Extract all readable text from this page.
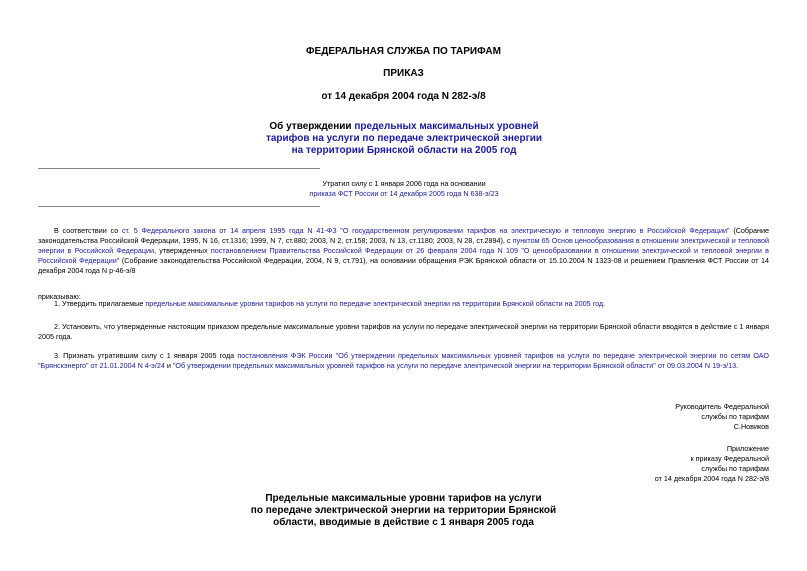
ФЕДЕРАЛЬНАЯ СЛУЖБА ПО ТАРИФАМ
ПРИКАЗ
от 14 декабря 2004 года N 282-э/8
Об утверждении предельных максимальных уровней тарифов на услуги по передаче электрической энергии на территории Брянской области на 2005 год
Утратил силу с 1 января 2006 года на основании
приказа ФСТ России от 14 декабря 2005 года N 638-э/23
В соответствии со ст. 5 Федерального закона от 14 апреля 1995 года N 41-ФЗ "О государственном регулировании тарифов на электрическую и тепловую энергию в Российской Федерации" (Собрание законодательства Российской Федерации, 1995, N 16, ст.1316; 1999, N 7, ст.880; 2003, N 2, ст.158; 2003, N 13, ст.1180; 2003, N 28, ст.2894), с пунктом 65 Основ ценообразования в отношении электрической и тепловой энергии в Российской Федерации, утвержденных постановлением Правительства Российской Федерации от 26 февраля 2004 года N 109 "О ценообразовании в отношении электрической и тепловой энергии в Российской Федерации" (Собрание законодательства Российской Федерации, 2004, N 9, ст.791), на основании обращения РЭК Брянской области от 15.10.2004 N 1323-08 и решением Правления ФСТ России от 14 декабря 2004 года N р-46-э/8
приказываю:
1. Утвердить прилагаемые предельные максимальные уровни тарифов на услуги по передаче электрической энергии на территории Брянской области на 2005 год.
2. Установить, что утвержденные настоящим приказом предельные максимальные уровни тарифов на услуги по передаче электрической энергии на территории Брянской области вводятся в действие с 1 января 2005 года.
3. Признать утратившим силу с 1 января 2005 года постановления ФЭК России "Об утверждении предельных максимальных уровней тарифов на услуги по передаче электрической энергии по сетям ОАО "Брянскэнерго" от 21.01.2004 N 4-э/24 и "Об утверждении предельных максимальных уровней тарифов на услуги по передаче электрической энергии на территории Брянской области" от 09.03.2004 N 19-э/13.
Руководитель Федеральной
службы по тарифам
С.Новиков
Приложение
к приказу Федеральной
службы по тарифам
от 14 декабря 2004 года N 282-э/8
Предельные максимальные уровни тарифов на услуги
по передаче электрической энергии на территории Брянской
области, вводимые в действие с 1 января 2005 года
